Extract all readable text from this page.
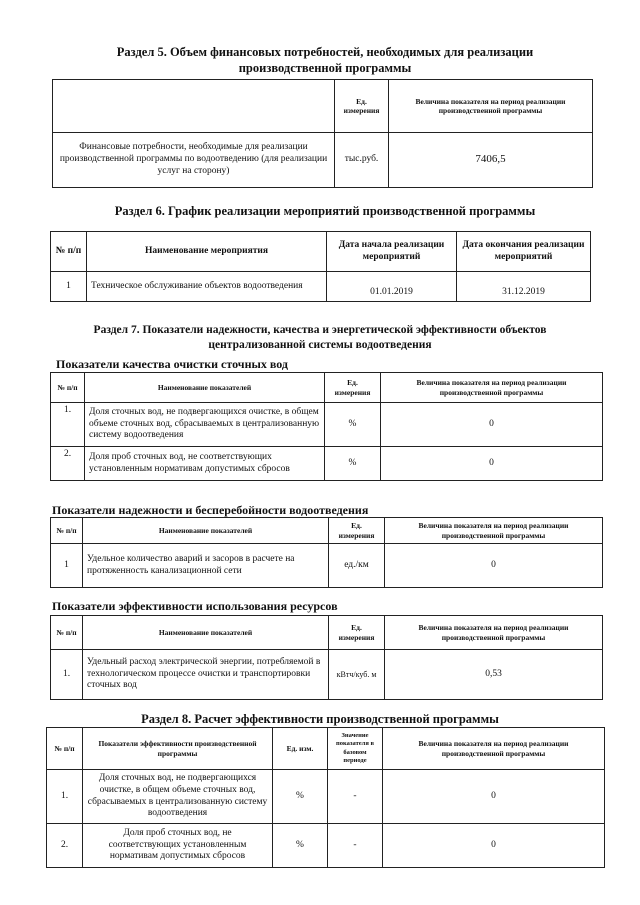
Раздел 5. Объем финансовых потребностей, необходимых для реализации
производственной программы
	Ед. измерения	Величина показателя на период реализации производственной программы
Финансовые потребности, необходимые для реализации производственной программы по водоотведению (для реализации услуг на сторону)	тыс.руб.	7406,5
Раздел 6. График реализации мероприятий производственной программы
№ п/п	Наименование мероприятия	Дата начала реализации мероприятий	Дата окончания реализации мероприятий
1	Техническое обслуживание объектов водоотведения	01.01.2019	31.12.2019
Раздел 7. Показатели надежности, качества и энергетической эффективности объектов
централизованной системы водоотведения
Показатели качества очистки сточных вод
№ п/п	Наименование показателей	Ед. измерения	Величина показателя на период реализации производственной программы
1.	Доля сточных вод, не подвергающихся очистке, в общем объеме сточных вод, сбрасываемых в централизованную систему водоотведения	%	0
2.	Доля проб сточных вод, не соответствующих установленным нормативам допустимых сбросов	%	0
Показатели надежности и бесперебойности водоотведения
№ п/п	Наименование показателей	Ед. измерения	Величина показателя на период реализации производственной программы
1	Удельное количество аварий и засоров в расчете на протяженность канализационной сети	ед./км	0
Показатели эффективности использования ресурсов
№ п/п	Наименование показателей	Ед. измерения	Величина показателя на период реализации производственной программы
1.	Удельный расход электрической энергии, потребляемой в технологическом процессе очистки и транспортировки сточных вод	кВтч/куб. м	0,53
Раздел 8. Расчет эффективности производственной программы
№ п/п	Показатели эффективности производственной программы	Ед. изм.	Значение показателя в базовом периоде	Величина показателя на период реализации производственной программы
1.	Доля сточных вод, не подвергающихся очистке, в общем объеме сточных вод, сбрасываемых в централизованную систему водоотведения	%	-	0
2.	Доля проб сточных вод, не соответствующих установленным нормативам допустимых сбросов	%	-	0
